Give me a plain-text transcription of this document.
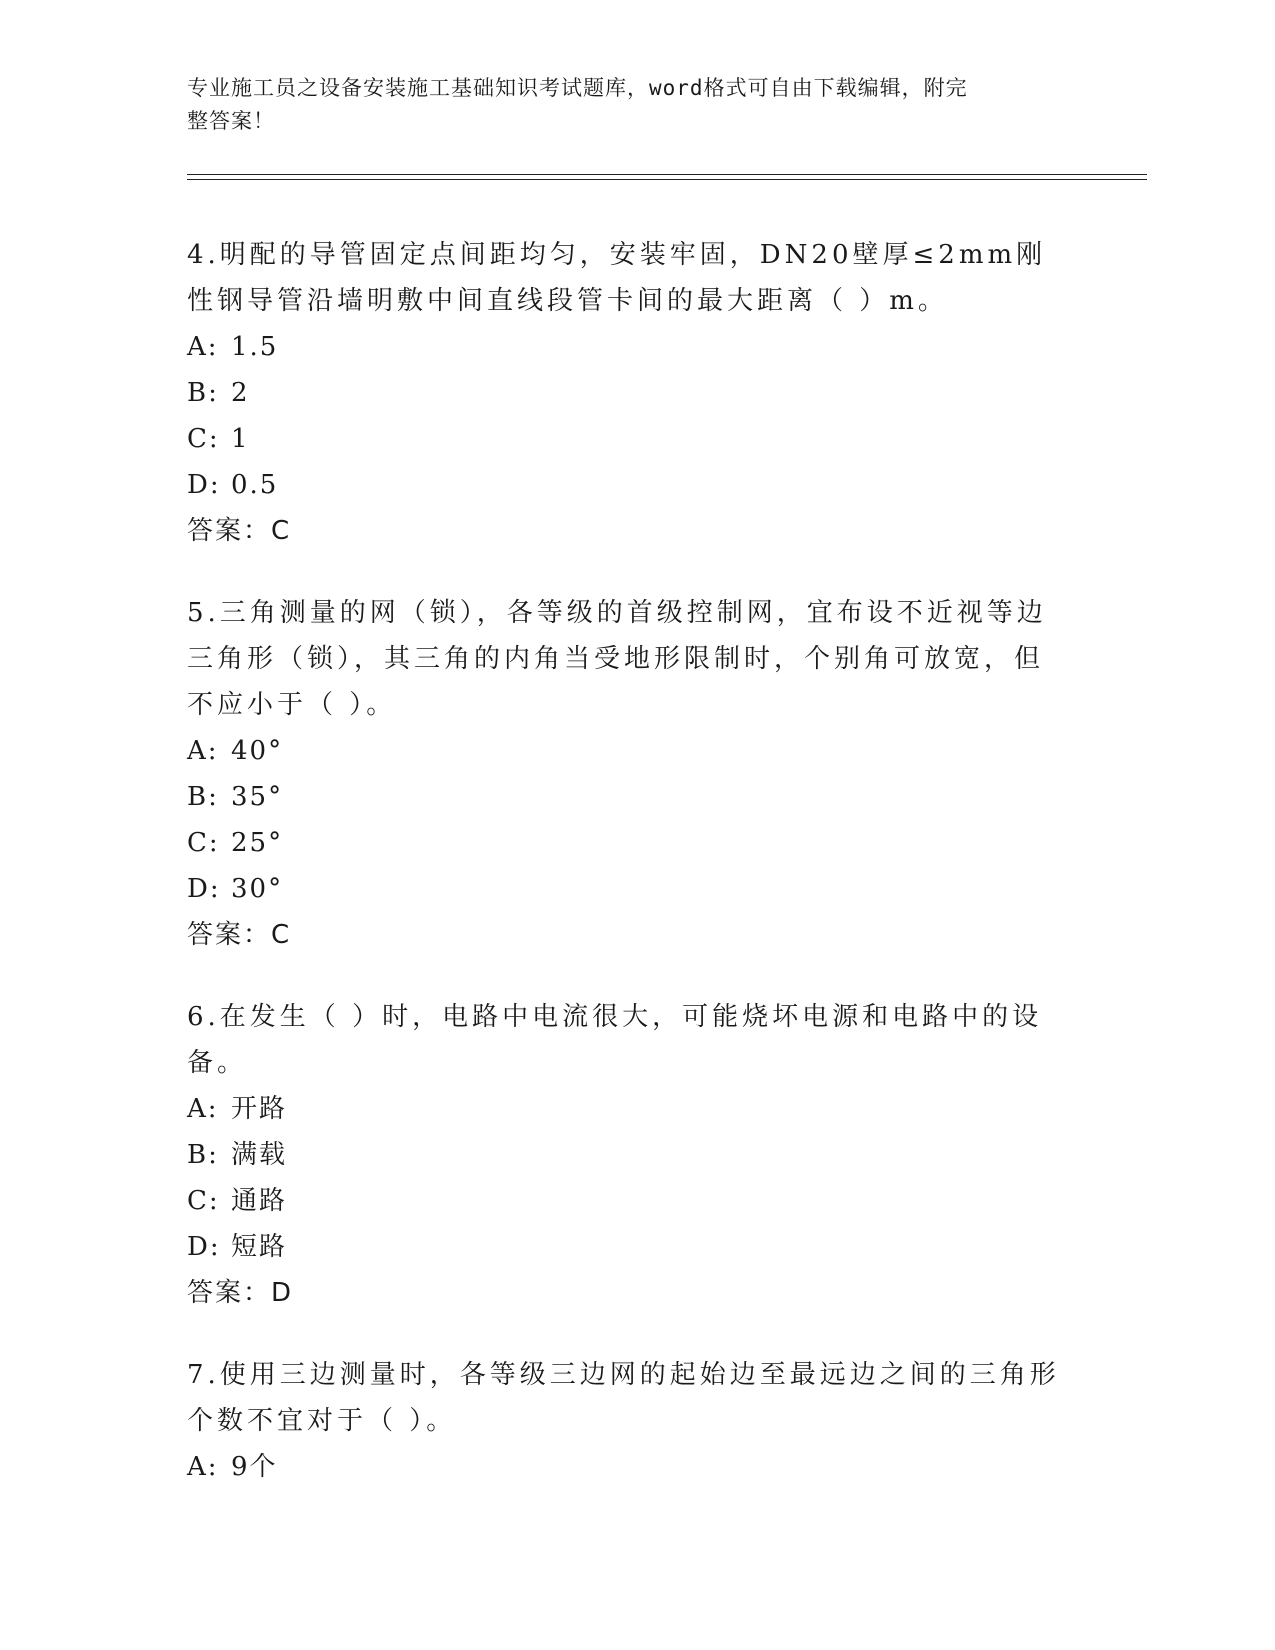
专业施工员之设备安装施工基础知识考试题库，word格式可自由下载编辑，附完
整答案！

4.明配的导管固定点间距均匀，安装牢固，DN20壁厚≤2mm刚性钢导管沿墙明敷中间直线段管卡间的最大距离（ ）m。

A: 1.5

B: 2

C: 1

D: 0.5

答案：C

5.三角测量的网（锁），各等级的首级控制网，宜布设不近视等边三角形（锁），其三角的内角当受地形限制时，个别角可放宽，但不应小于（ ）。

A: 40°

B: 35°

C: 25°

D: 30°

答案：C

6.在发生（ ）时，电路中电流很大，可能烧坏电源和电路中的设备。

A: 开路

B: 满载

C: 通路

D: 短路

答案：D

7.使用三边测量时，各等级三边网的起始边至最远边之间的三角形个数不宜对于（ ）。

A: 9个
